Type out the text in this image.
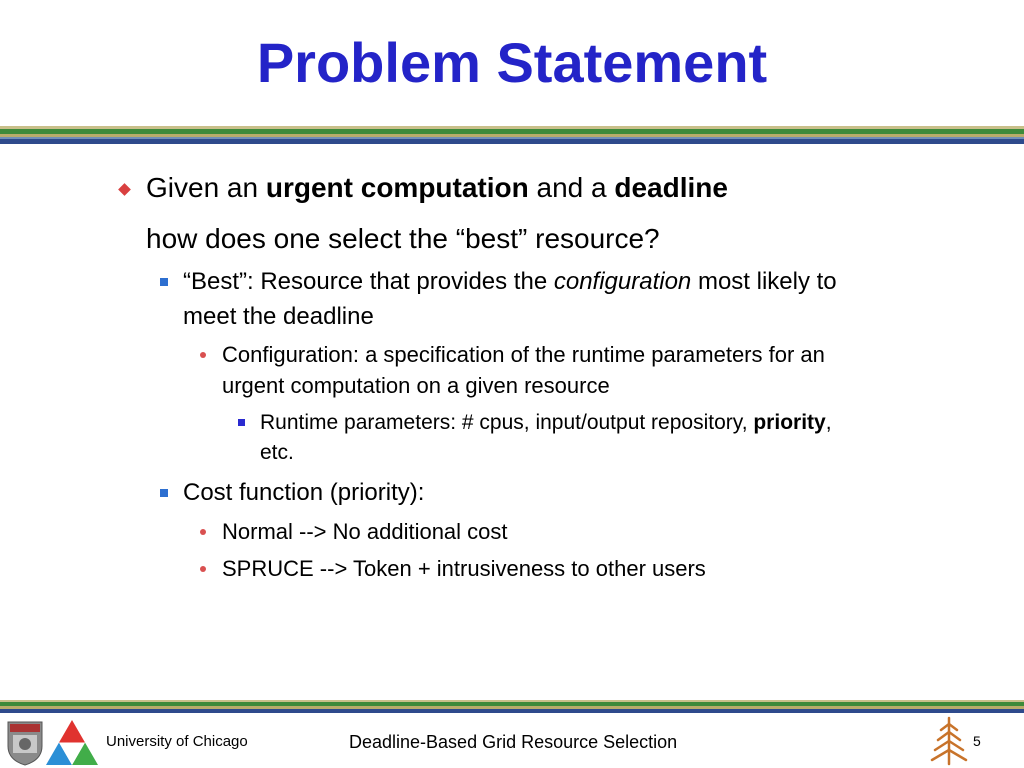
Problem Statement
Given an urgent computation and a deadline
how does one select the “best” resource?
“Best”: Resource that provides the configuration most likely to
meet the deadline
Configuration: a specification of the runtime parameters for an
urgent computation on a given resource
Runtime parameters: # cpus, input/output repository, priority,
etc.
Cost function (priority):
Normal --> No additional cost
SPRUCE --> Token + intrusiveness to other users
University of Chicago	Deadline-Based Grid Resource Selection	5
